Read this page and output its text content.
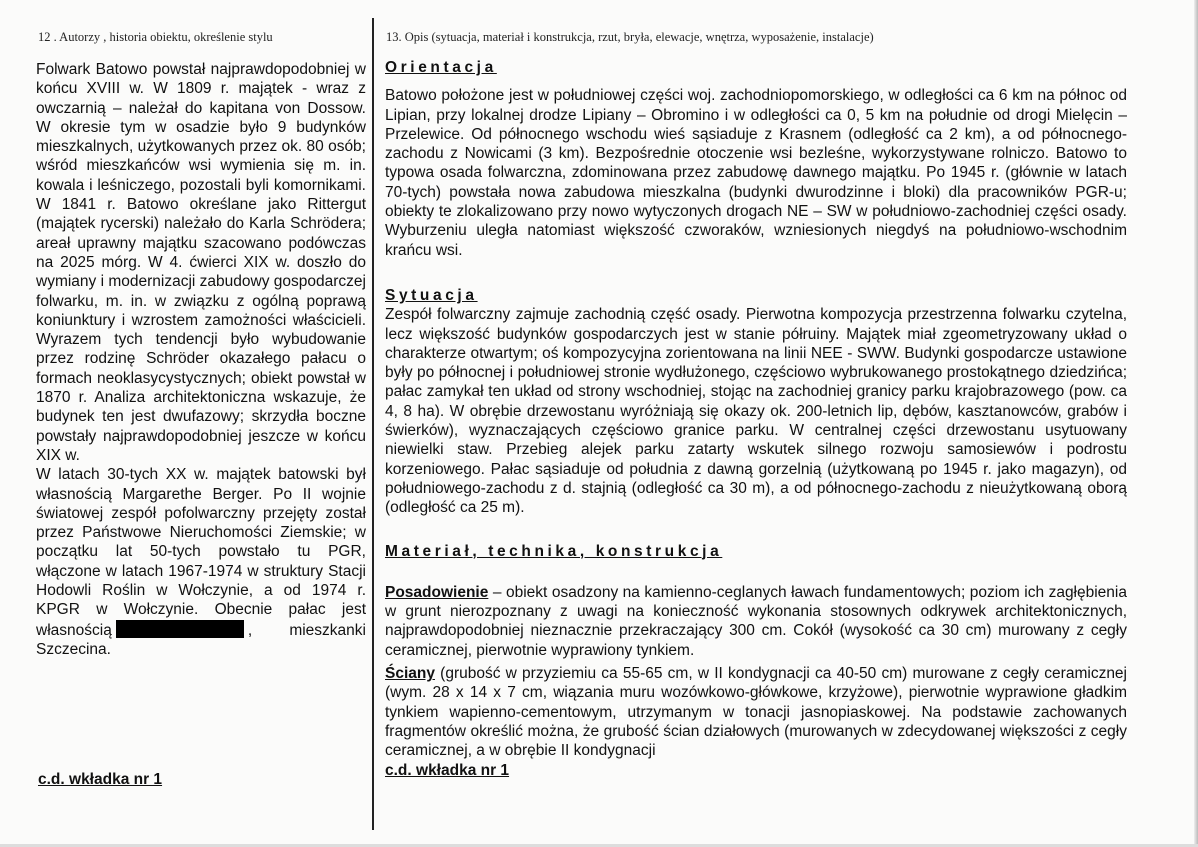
12 . Autorzy , historia obiektu, określenie stylu	13. Opis (sytuacja, materiał i konstrukcja, rzut, bryła, elewacje, wnętrza, wyposażenie, instalacje)

Folwark Batowo powstał najprawdopodobniej w końcu XVIII w. W 1809 r. majątek - wraz z owczarnią – należał do kapitana von Dossow. W okresie tym w osadzie było 9 budynków mieszkalnych, użytkowanych przez ok. 80 osób; wśród mieszkańców wsi wymienia się m. in. kowala i leśniczego, pozostali byli komornikami. W 1841 r. Batowo określane jako Rittergut (majątek rycerski) należało do Karla Schrödera; areał uprawny majątku szacowano podówczas na 2025 mórg. W 4. ćwierci XIX w. doszło do wymiany i modernizacji zabudowy gospodarczej folwarku, m. in. w związku z ogólną poprawą koniunktury i wzrostem zamożności właścicieli. Wyrazem tych tendencji było wybudowanie przez rodzinę Schröder okazałego pałacu o formach neoklasycystycznych; obiekt powstał w 1870 r. Analiza architektoniczna wskazuje, że budynek ten jest dwufazowy; skrzydła boczne powstały najprawdopodobniej jeszcze w końcu XIX w.

W latach 30-tych XX w. majątek batowski był własnością Margarethe Berger. Po II wojnie światowej zespół pofolwarczny przejęty został przez Państwowe Nieruchomości Ziemskie; w początku lat 50-tych powstało tu PGR, włączone w latach 1967-1974 w struktury Stacji Hodowli Roślin w Wołczynie, a od 1974 r. KPGR w Wołczynie. Obecnie pałac jest własnością	, mieszkanki Szczecina.

c.d. wkładka nr 1
Orientacja

Batowo położone jest w południowej części woj. zachodniopomorskiego, w odległości ca 6 km na północ od Lipian, przy lokalnej drodze Lipiany – Obromino i w odległości ca 0, 5 km na południe od drogi Mielęcin – Przelewice. Od północnego wschodu wieś sąsiaduje z Krasnem (odległość ca 2 km), a od północnego-zachodu z Nowicami (3 km). Bezpośrednie otoczenie wsi bezleśne, wykorzystywane rolniczo. Batowo to typowa osada folwarczna, zdominowana przez zabudowę dawnego majątku. Po 1945 r. (głównie w latach 70-tych) powstała nowa zabudowa mieszkalna (budynki dwurodzinne i bloki) dla pracowników PGR-u; obiekty te zlokalizowano przy nowo wytyczonych drogach NE – SW w południowo-zachodniej części osady. Wyburzeniu uległa natomiast większość czworaków, wzniesionych niegdyś na południowo-wschodnim krańcu wsi.

Sytuacja

Zespół folwarczny zajmuje zachodnią część osady. Pierwotna kompozycja przestrzenna folwarku czytelna, lecz większość budynków gospodarczych jest w stanie półruiny. Majątek miał zgeometryzowany układ o charakterze otwartym; oś kompozycyjna zorientowana na linii NEE - SWW. Budynki gospodarcze ustawione były po północnej i południowej stronie wydłużonego, częściowo wybrukowanego prostokątnego dziedzińca; pałac zamykał ten układ od strony wschodniej, stojąc na zachodniej granicy parku krajobrazowego (pow. ca 4, 8 ha). W obrębie drzewostanu wyróżniają się okazy ok. 200-letnich lip, dębów, kasztanowców, grabów i świerków), wyznaczających częściowo granice parku. W centralnej części drzewostanu usytuowany niewielki staw. Przebieg alejek parku zatarty wskutek silnego rozwoju samosiewów i podrostu korzeniowego. Pałac sąsiaduje od południa z dawną gorzelnią (użytkowaną po 1945 r. jako magazyn), od południowego-zachodu z d. stajnią (odległość ca 30 m), a od północnego-zachodu z nieużytkowaną oborą (odległość ca 25 m).

Materiał, technika, konstrukcja

Posadowienie – obiekt osadzony na kamienno-ceglanych ławach fundamentowych; poziom ich zagłębienia w grunt nierozpoznany z uwagi na konieczność wykonania stosownych odkrywek architektonicznych, najprawdopodobniej nieznacznie przekraczający 300 cm. Cokół (wysokość ca 30 cm) murowany z cegły ceramicznej, pierwotnie wyprawiony tynkiem.

Ściany (grubość w przyziemiu ca 55-65 cm, w II kondygnacji ca 40-50 cm) murowane z cegły ceramicznej (wym. 28 x 14 x 7 cm, wiązania muru wozówkowo-główkowe, krzyżowe), pierwotnie wyprawione gładkim tynkiem wapienno-cementowym, utrzymanym w tonacji jasnopiaskowej. Na podstawie zachowanych fragmentów określić można, że grubość ścian działowych (murowanych w zdecydowanej większości z cegły ceramicznej, a w obrębie II kondygnacji

c.d. wkładka nr 1
